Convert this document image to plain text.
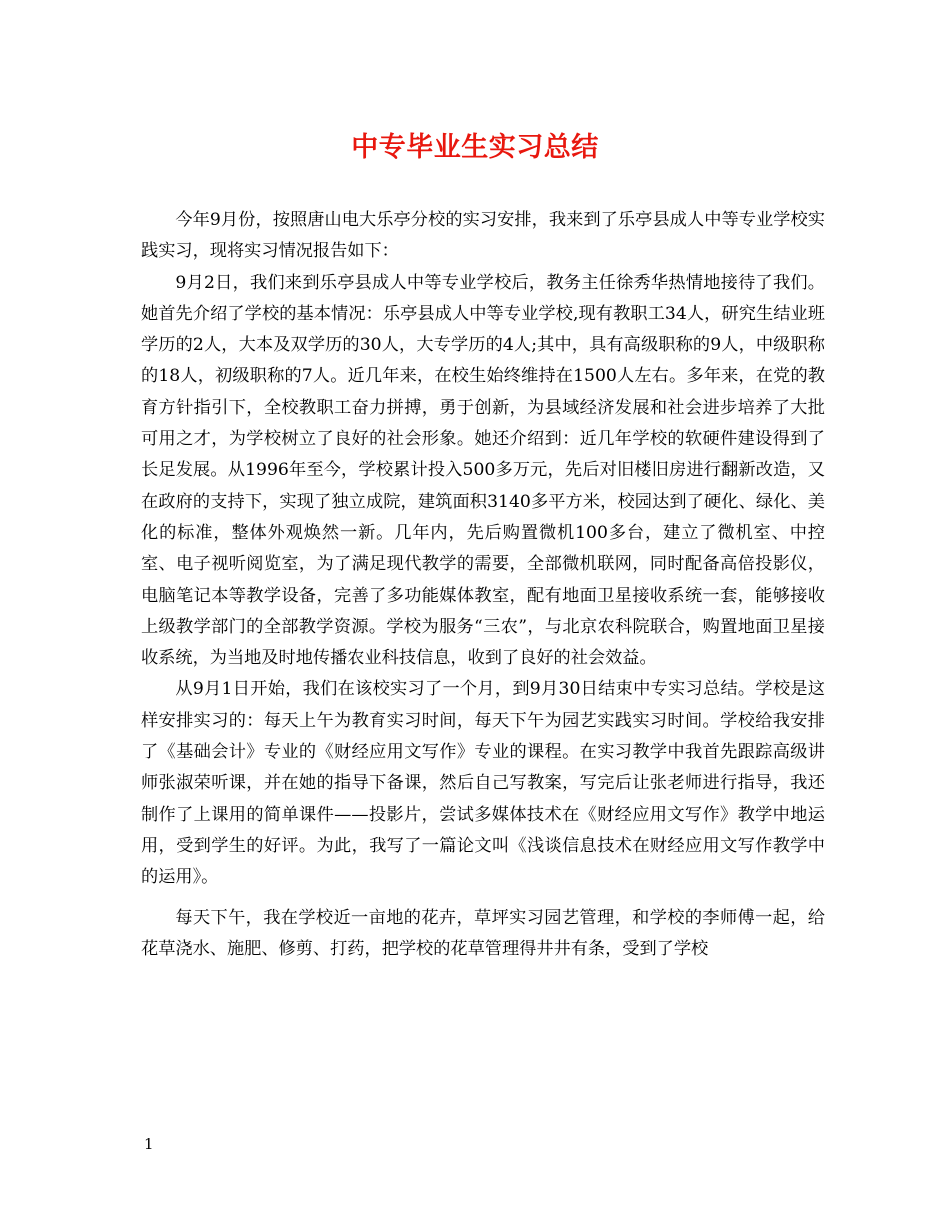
中专毕业生实习总结

今年9月份，按照唐山电大乐亭分校的实习安排，我来到了乐亭县成人中等专业学校实践实习，现将实习情况报告如下：

9月2日，我们来到乐亭县成人中等专业学校后，教务主任徐秀华热情地接待了我们。她首先介绍了学校的基本情况：乐亭县成人中等专业学校,现有教职工34人，研究生结业班学历的2人，大本及双学历的30人，大专学历的4人;其中，具有高级职称的9人，中级职称的18人，初级职称的7人。近几年来，在校生始终维持在1500人左右。多年来，在党的教育方针指引下，全校教职工奋力拼搏，勇于创新，为县域经济发展和社会进步培养了大批可用之才，为学校树立了良好的社会形象。她还介绍到：近几年学校的软硬件建设得到了长足发展。从1996年至今，学校累计投入500多万元，先后对旧楼旧房进行翻新改造，又在政府的支持下，实现了独立成院，建筑面积3140多平方米，校园达到了硬化、绿化、美化的标准，整体外观焕然一新。几年内，先后购置微机100多台，建立了微机室、中控室、电子视听阅览室，为了满足现代教学的需要，全部微机联网，同时配备高倍投影仪，电脑笔记本等教学设备，完善了多功能媒体教室，配有地面卫星接收系统一套，能够接收上级教学部门的全部教学资源。学校为服务“三农”，与北京农科院联合，购置地面卫星接收系统，为当地及时地传播农业科技信息，收到了良好的社会效益。

从9月1日开始，我们在该校实习了一个月，到9月30日结束中专实习总结。学校是这样安排实习的：每天上午为教育实习时间，每天下午为园艺实践实习时间。学校给我安排了《基础会计》专业的《财经应用文写作》专业的课程。在实习教学中我首先跟踪高级讲师张淑荣听课，并在她的指导下备课，然后自己写教案，写完后让张老师进行指导，我还制作了上课用的简单课件——投影片，尝试多媒体技术在《财经应用文写作》教学中地运用，受到学生的好评。为此，我写了一篇论文叫《浅谈信息技术在财经应用文写作教学中的运用》。

每天下午，我在学校近一亩地的花卉，草坪实习园艺管理，和学校的李师傅一起，给花草浇水、施肥、修剪、打药，把学校的花草管理得井井有条，受到了学校

1
